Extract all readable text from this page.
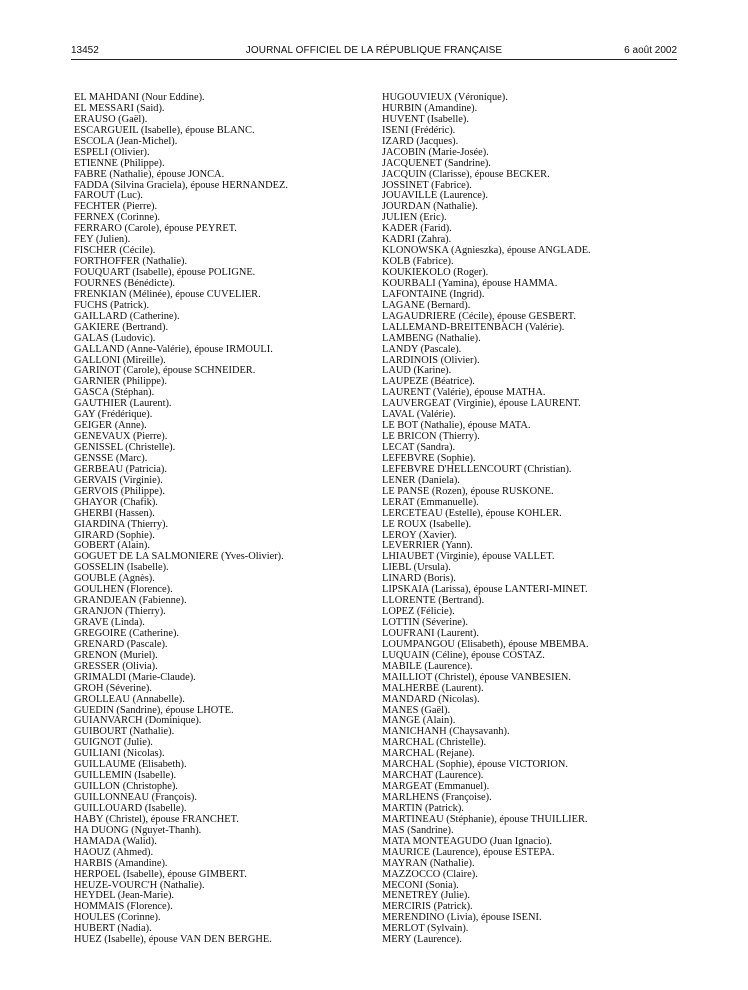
13452	JOURNAL OFFICIEL DE LA RÉPUBLIQUE FRANÇAISE	6 août 2002
EL MAHDANI (Nour Eddine).
EL MESSARI (Said).
ERAUSO (Gaël).
ESCARGUEIL (Isabelle), épouse BLANC.
ESCOLA (Jean-Michel).
ESPELI (Olivier).
ETIENNE (Philippe).
FABRE (Nathalie), épouse JONCA.
FADDA (Silvina Graciela), épouse HERNANDEZ.
FAROUT (Luc).
FECHTER (Pierre).
FERNEX (Corinne).
FERRARO (Carole), épouse PEYRET.
FEY (Julien).
FISCHER (Cécile).
FORTHOFFER (Nathalie).
FOUQUART (Isabelle), épouse POLIGNE.
FOURNES (Bénédicte).
FRENKIAN (Mélinée), épouse CUVELIER.
FUCHS (Patrick).
GAILLARD (Catherine).
GAKIERE (Bertrand).
GALAS (Ludovic).
GALLAND (Anne-Valérie), épouse IRMOULI.
GALLONI (Mireille).
GARINOT (Carole), épouse SCHNEIDER.
GARNIER (Philippe).
GASCA (Stéphan).
GAUTHIER (Laurent).
GAY (Frédérique).
GEIGER (Anne).
GENEVAUX (Pierre).
GENISSEL (Christelle).
GENSSE (Marc).
GERBEAU (Patricia).
GERVAIS (Virginie).
GERVOIS (Philippe).
GHAYOR (Chafik).
GHERBI (Hassen).
GIARDINA (Thierry).
GIRARD (Sophie).
GOBERT (Alain).
GOGUET DE LA SALMONIERE (Yves-Olivier).
GOSSELIN (Isabelle).
GOUBLE (Agnès).
GOULHEN (Florence).
GRANDJEAN (Fabienne).
GRANJON (Thierry).
GRAVE (Linda).
GREGOIRE (Catherine).
GRENARD (Pascale).
GRENON (Muriel).
GRESSER (Olivia).
GRIMALDI (Marie-Claude).
GROH (Séverine).
GROLLEAU (Annabelle).
GUEDIN (Sandrine), épouse LHOTE.
GUIANVARCH (Dominique).
GUIBOURT (Nathalie).
GUIGNOT (Julie).
GUILIANI (Nicolas).
GUILLAUME (Elisabeth).
GUILLEMIN (Isabelle).
GUILLON (Christophe).
GUILLONNEAU (François).
GUILLOUARD (Isabelle).
HABY (Christel), épouse FRANCHET.
HA DUONG (Nguyet-Thanh).
HAMADA (Walid).
HAOUZ (Ahmed).
HARBIS (Amandine).
HERPOEL (Isabelle), épouse GIMBERT.
HEUZE-VOURC'H (Nathalie).
HEYDEL (Jean-Marie).
HOMMAIS (Florence).
HOULES (Corinne).
HUBERT (Nadia).
HUEZ (Isabelle), épouse VAN DEN BERGHE.
HUGOUVIEUX (Véronique).
HURBIN (Amandine).
HUVENT (Isabelle).
ISENI (Frédéric).
IZARD (Jacques).
JACOBIN (Marie-Josée).
JACQUENET (Sandrine).
JACQUIN (Clarisse), épouse BECKER.
JOSSINET (Fabrice).
JOUAVILLE (Laurence).
JOURDAN (Nathalie).
JULIEN (Eric).
KADER (Farid).
KADRI (Zahra).
KLONOWSKA (Agnieszka), épouse ANGLADE.
KOLB (Fabrice).
KOUKIEKOLO (Roger).
KOURBALI (Yamina), épouse HAMMA.
LAFONTAINE (Ingrid).
LAGANE (Bernard).
LAGAUDRIERE (Cécile), épouse GESBERT.
LALLEMAND-BREITENBACH (Valérie).
LAMBENG (Nathalie).
LANDY (Pascale).
LARDINOIS (Olivier).
LAUD (Karine).
LAUPEZE (Béatrice).
LAURENT (Valérie), épouse MATHA.
LAUVERGEAT (Virginie), épouse LAURENT.
LAVAL (Valérie).
LE BOT (Nathalie), épouse MATA.
LE BRICON (Thierry).
LECAT (Sandra).
LEFEBVRE (Sophie).
LEFEBVRE D'HELLENCOURT (Christian).
LENER (Daniela).
LE PANSE (Rozen), épouse RUSKONE.
LERAT (Emmanuelle).
LERCETEAU (Estelle), épouse KOHLER.
LE ROUX (Isabelle).
LEROY (Xavier).
LEVERRIER (Yann).
LHIAUBET (Virginie), épouse VALLET.
LIEBL (Ursula).
LINARD (Boris).
LIPSKAIA (Larissa), épouse LANTERI-MINET.
LLORENTE (Bertrand).
LOPEZ (Félicie).
LOTTIN (Séverine).
LOUFRANI (Laurent).
LOUMPANGOU (Elisabeth), épouse MBEMBA.
LUQUAIN (Céline), épouse COSTAZ.
MABILE (Laurence).
MAILLIOT (Christel), épouse VANBESIEN.
MALHERBE (Laurent).
MANDARD (Nicolas).
MANES (Gaël).
MANGE (Alain).
MANICHANH (Chaysavanh).
MARCHAL (Christelle).
MARCHAL (Rejane).
MARCHAL (Sophie), épouse VICTORION.
MARCHAT (Laurence).
MARGEAT (Emmanuel).
MARLHENS (Françoise).
MARTIN (Patrick).
MARTINEAU (Stéphanie), épouse THUILLIER.
MAS (Sandrine).
MATA MONTEAGUDO (Juan Ignacio).
MAURICE (Laurence), épouse ESTEPA.
MAYRAN (Nathalie).
MAZZOCCO (Claire).
MECONI (Sonia).
MENETREY (Julie).
MERCIRIS (Patrick).
MERENDINO (Livia), épouse ISENI.
MERLOT (Sylvain).
MERY (Laurence).
